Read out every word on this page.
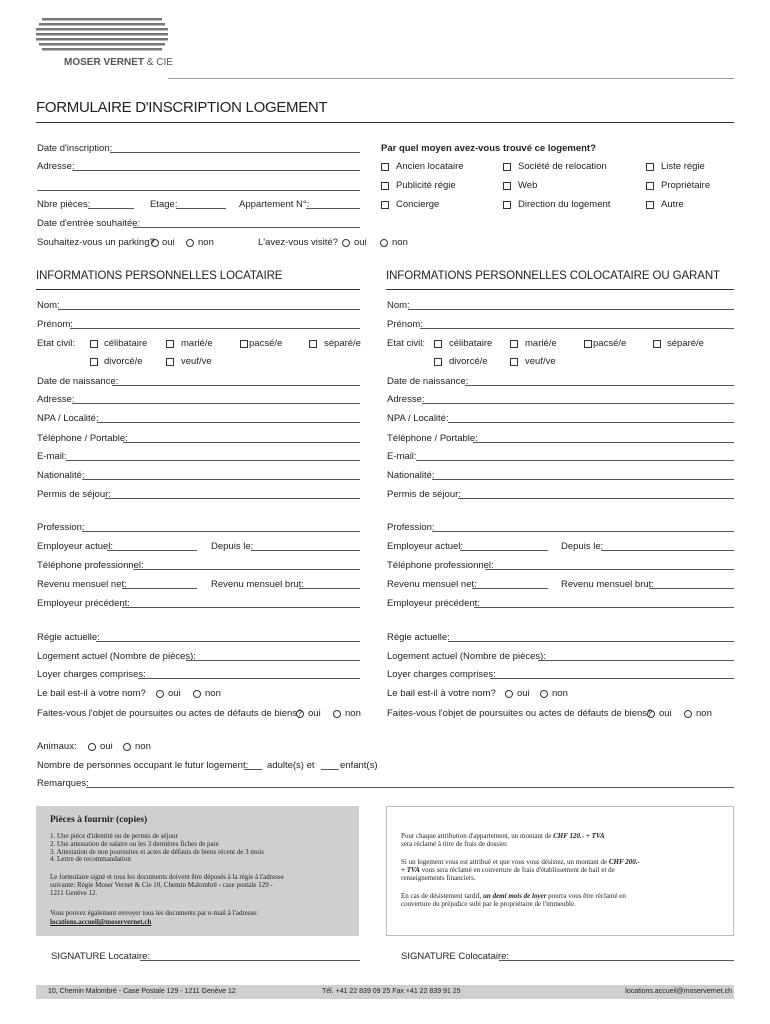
MOSER VERNET & CIE
FORMULAIRE D'INSCRIPTION LOGEMENT
Date d'inscription:
Adresse:
Nbre pièces:	Etage:	Appartement N°:
Date d'entrée souhaitée:
Souhaitez-vous un parking? oui non	L'avez-vous visité? oui	non
Par quel moyen avez-vous trouvé ce logement?
Ancien locataire	Société de relocation	Liste régie
Publicité régie	Web	Propriétaire
Concierge	Direction du logement	Autre
INFORMATIONS PERSONNELLES LOCATAIRE
Nom:
Prénom:
Etat civil:	célibataire	marié/e	pacsé/e	séparé/e
divorcé/e	veuf/ve
Date de naissance:
Adresse:
NPA / Localité:
Téléphone / Portable:
E-mail:
Nationalité:
Permis de séjour:
Profession:
Employeur actuel:	Depuis le:
Téléphone professionnel:
Revenu mensuel net:	Revenu mensuel brut:
Employeur précédent:
Régie actuelle:
Logement actuel (Nombre de pièces):
Loyer charges comprises:
Le bail est-il à votre nom? oui	non
Faites-vous l'objet de poursuites ou actes de défauts de biens? oui	non
INFORMATIONS PERSONNELLES COLOCATAIRE OU GARANT
Nom:
Prénom:
Etat civil:	célibataire	marié/e	pacsé/e	séparé/e
divorcé/e	veuf/ve
Date de naissance:
Adresse:
NPA / Localité:
Téléphone / Portable:
E-mail:
Nationalité:
Permis de séjour:
Profession:
Employeur actuel:	Depuis le:
Téléphone professionnel:
Revenu mensuel net:	Revenu mensuel brut:
Employeur précédent:
Régie actuelle:
Logement actuel (Nombre de pièces):
Loyer charges comprises:
Le bail est-il à votre nom? oui non
Faites-vous l'objet de poursuites ou actes de défauts de biens? oui	non
Animaux: oui non
Nombre de personnes occupant le futur logement: adulte(s) et	enfant(s)
Remarques:
Pièces à fournir (copies)
1. Une pièce d'identité ou de permis de séjour
2. Une attestation de salaire ou les 3 dernières fiches de paie
3. Attestation de non poursuites et actes de défauts de biens récent de 3 mois
4. Lettre de recommandation
Le formulaire signé et tous les documents doivent être déposés à la régie à l'adresse
suivante: Régie Moser Vernet & Cie 10, Chemin Malombré - case postale 129 -
1211 Genève 12.
Vous pouvez également envoyer tous les documents par e-mail à l'adresse:
locations.accueil@moservernet.ch
Pour chaque attribution d'appartement, un montant de CHF 120.- + TVA
sera réclamé à titre de frais de dossier.
Si un logement vous est attribué et que vous vous désistez, un montant de CHF 200.-
+ TVA vous sera réclamé en couverture de frais d'établissement de bail et de
renseignements financiers.
En cas de désistement tardif, un demi mois de loyer pourra vous être réclamé en
couverture du préjudice subi par le propriétaire de l'immeuble.
SIGNATURE Locataire:	SIGNATURE Colocataire:
10, Chemin Malombré - Case Postale 129 - 1211 Genève 12	Tél. +41 22 839 09 25 Fax +41 22 839 91 25	locations.accueil@moservernet.ch
